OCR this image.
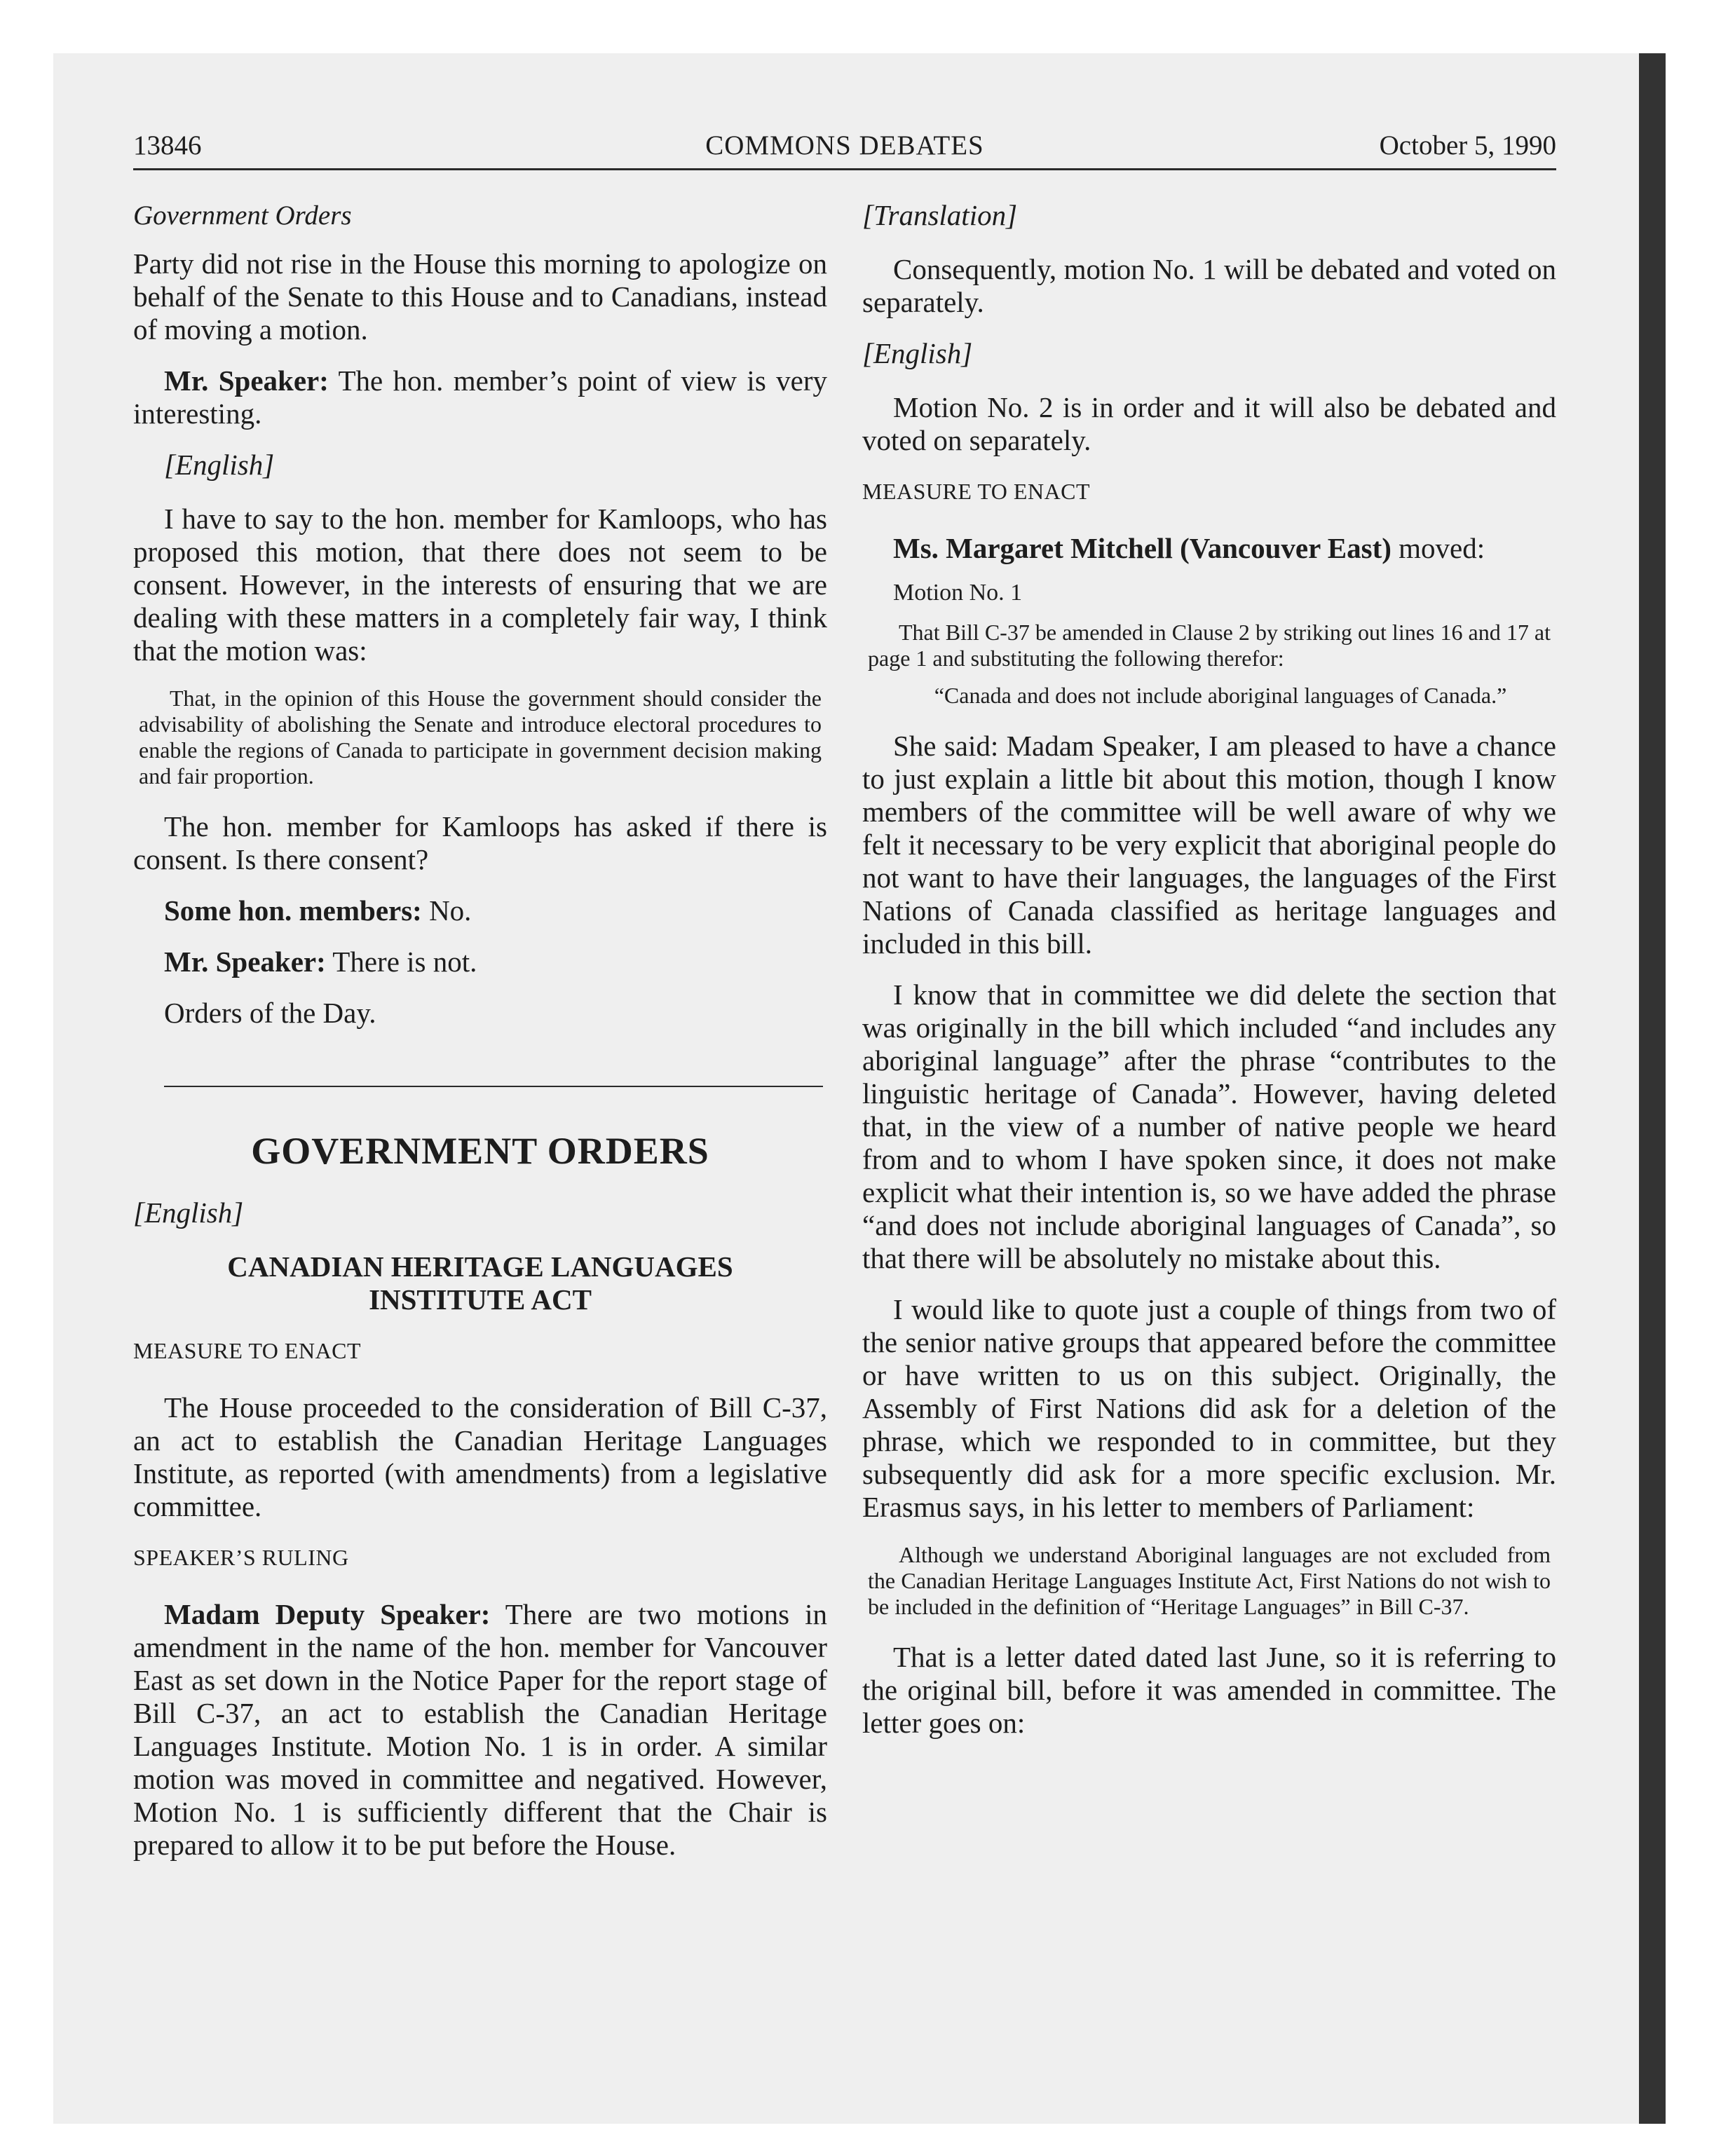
13846	COMMONS DEBATES	October 5, 1990

Government Orders

Party did not rise in the House this morning to apologize on behalf of the Senate to this House and to Canadians, instead of moving a motion.

Mr. Speaker: The hon. member’s point of view is very interesting.

[English]

I have to say to the hon. member for Kamloops, who has proposed this motion, that there does not seem to be consent. However, in the interests of ensuring that we are dealing with these matters in a completely fair way, I think that the motion was:

That, in the opinion of this House the government should consider the advisability of abolishing the Senate and introduce electoral procedures to enable the regions of Canada to participate in government decision making and fair proportion.

The hon. member for Kamloops has asked if there is consent. Is there consent?

Some hon. members: No.

Mr. Speaker: There is not.

Orders of the Day.

GOVERNMENT ORDERS

[English]

CANADIAN HERITAGE LANGUAGES INSTITUTE ACT

MEASURE TO ENACT

The House proceeded to the consideration of Bill C-37, an act to establish the Canadian Heritage Languages Institute, as reported (with amendments) from a legislative committee.

SPEAKER’S RULING

Madam Deputy Speaker: There are two motions in amendment in the name of the hon. member for Vancouver East as set down in the Notice Paper for the report stage of Bill C-37, an act to establish the Canadian Heritage Languages Institute. Motion No. 1 is in order. A similar motion was moved in committee and negatived. However, Motion No. 1 is sufficiently different that the Chair is prepared to allow it to be put before the House.

[Translation]

Consequently, motion No. 1 will be debated and voted on separately.

[English]

Motion No. 2 is in order and it will also be debated and voted on separately.

MEASURE TO ENACT

Ms. Margaret Mitchell (Vancouver East) moved:

Motion No. 1

That Bill C-37 be amended in Clause 2 by striking out lines 16 and 17 at page 1 and substituting the following therefor:

“Canada and does not include aboriginal languages of Canada.”

She said: Madam Speaker, I am pleased to have a chance to just explain a little bit about this motion, though I know members of the committee will be well aware of why we felt it necessary to be very explicit that aboriginal people do not want to have their languages, the languages of the First Nations of Canada classified as heritage languages and included in this bill.

I know that in committee we did delete the section that was originally in the bill which included “and includes any aboriginal language” after the phrase “contributes to the linguistic heritage of Canada”. However, having deleted that, in the view of a number of native people we heard from and to whom I have spoken since, it does not make explicit what their intention is, so we have added the phrase “and does not include aboriginal languages of Canada”, so that there will be absolutely no mistake about this.

I would like to quote just a couple of things from two of the senior native groups that appeared before the committee or have written to us on this subject. Originally, the Assembly of First Nations did ask for a deletion of the phrase, which we responded to in committee, but they subsequently did ask for a more specific exclusion. Mr. Erasmus says, in his letter to members of Parliament:

Although we understand Aboriginal languages are not excluded from the Canadian Heritage Languages Institute Act, First Nations do not wish to be included in the definition of “Heritage Languages” in Bill C-37.

That is a letter dated dated last June, so it is referring to the original bill, before it was amended in committee. The letter goes on:
